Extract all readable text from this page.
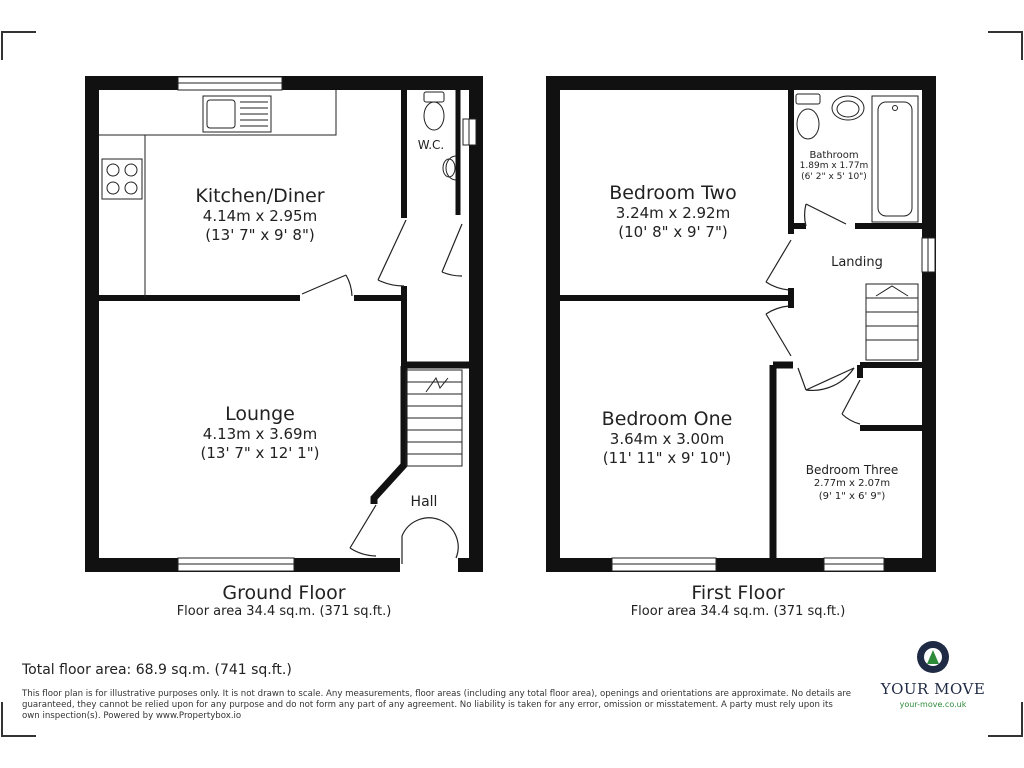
Kitchen/Diner
4.14m x 2.95m
(13' 7" x 9' 8")
Lounge
4.13m x 3.69m
(13' 7" x 12' 1")
W.C.
Hall
Bedroom Two
3.24m x 2.92m
(10' 8" x 9' 7")
Bedroom One
3.64m x 3.00m
(11' 11" x 9' 10")
Bathroom
1.89m x 1.77m
(6' 2" x 5' 10")
Landing
Bedroom Three
2.77m x 2.07m
(9' 1" x 6' 9")
Ground Floor
Floor area 34.4 sq.m. (371 sq.ft.)
First Floor
Floor area 34.4 sq.m. (371 sq.ft.)
Total floor area: 68.9 sq.m. (741 sq.ft.)
This floor plan is for illustrative purposes only. It is not drawn to scale. Any measurements, floor areas (including any total floor area), openings and orientations are approximate. No details are guaranteed, they cannot be relied upon for any purpose and do not form any part of any agreement. No liability is taken for any error, omission or misstatement. A party must rely upon its own inspection(s). Powered by www.Propertybox.io
YOUR MOVE
your-move.co.uk
